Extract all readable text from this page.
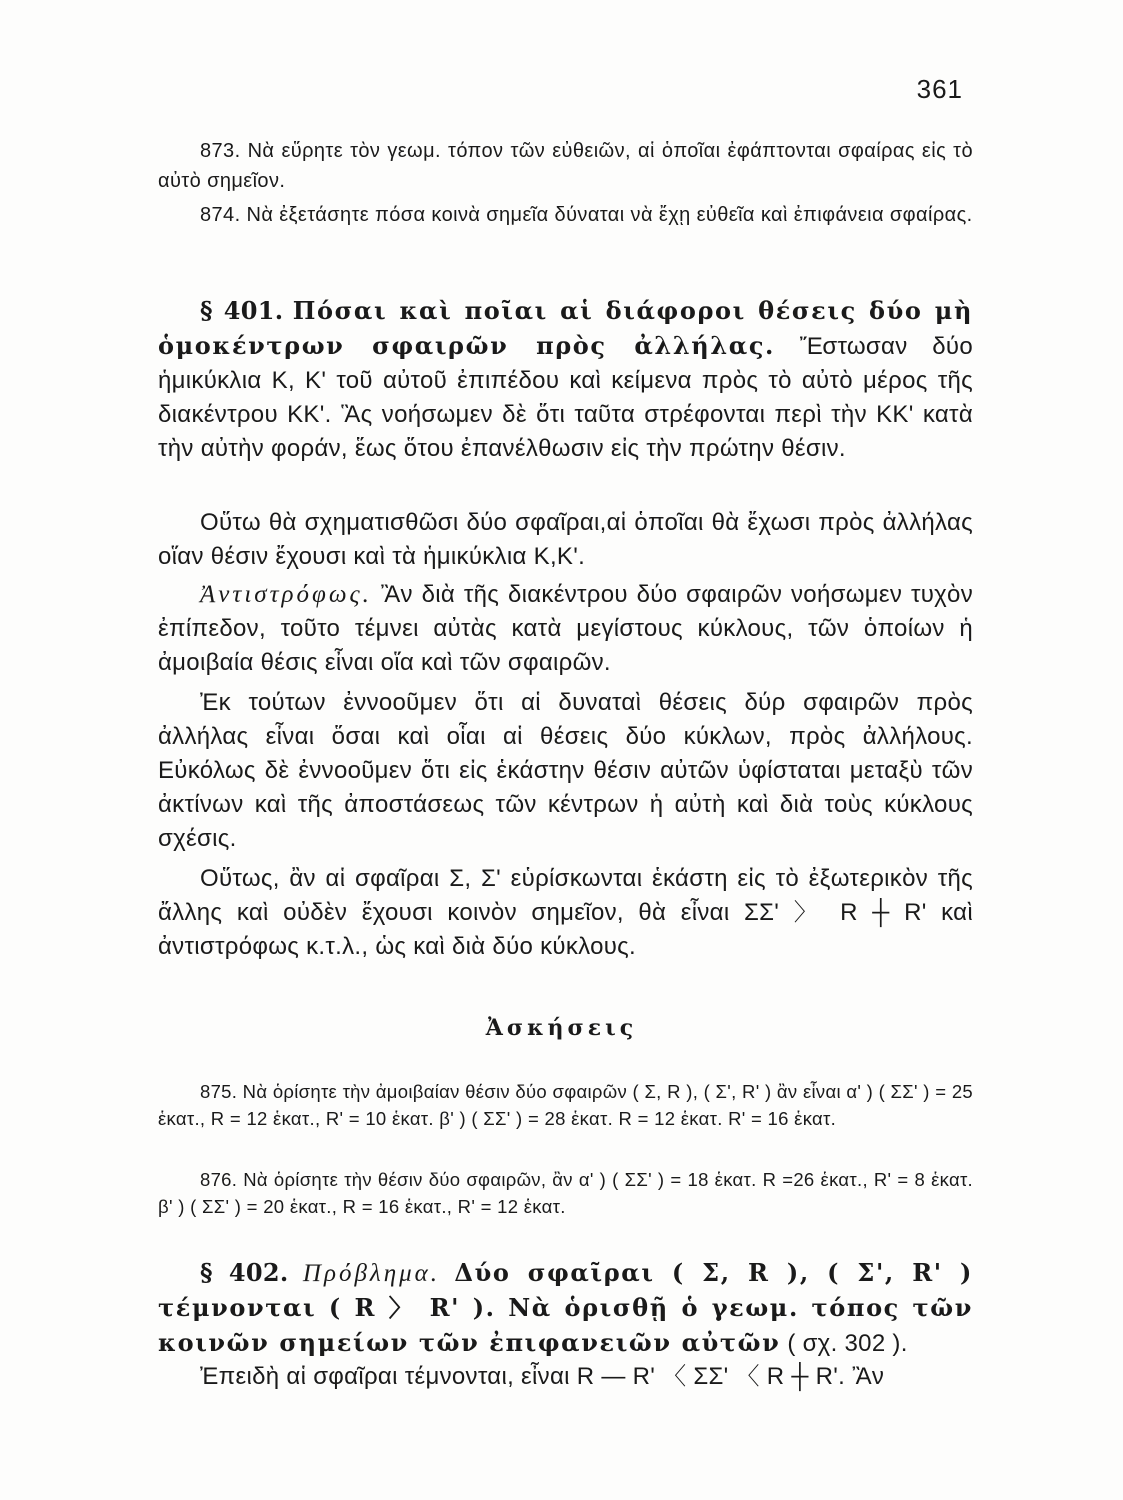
361

873. Νὰ εὕρητε τὸν γεωμ. τόπον τῶν εὐθειῶν, αἱ ὁποῖαι ἐφάπτονται σφαίρας εἰς τὸ αὐτὸ σημεῖον.

874. Νὰ ἐξετάσητε πόσα κοινὰ σημεῖα δύναται νὰ ἔχῃ εὐθεῖα καὶ ἐπιφάνεια σφαίρας.

§ 401. Πόσαι καὶ ποῖαι αἱ διάφοροι θέσεις δύο μὴ ὁμοκέντρων σφαιρῶν πρὸς ἀλλήλας. Ἔστωσαν δύο ἡμικύκλια Κ, Κ' τοῦ αὐτοῦ ἐπιπέδου καὶ κείμενα πρὸς τὸ αὐτὸ μέρος τῆς διακέντρου ΚΚ'. Ἃς νοήσωμεν δὲ ὅτι ταῦτα στρέφονται περὶ τὴν ΚΚ' κατὰ τὴν αὐτὴν φοράν, ἕως ὅτου ἐπανέλθωσιν εἰς τὴν πρώτην θέσιν.

Οὕτω θὰ σχηματισθῶσι δύο σφαῖραι,αἱ ὁποῖαι θὰ ἔχωσι πρὸς ἀλλήλας οἵαν θέσιν ἔχουσι καὶ τὰ ἡμικύκλια Κ,Κ'.

Ἀντιστρόφως. Ἂν διὰ τῆς διακέντρου δύο σφαιρῶν νοήσωμεν τυχὸν ἐπίπεδον, τοῦτο τέμνει αὐτὰς κατὰ μεγίστους κύκλους, τῶν ὁποίων ἡ ἀμοιβαία θέσις εἶναι οἵα καὶ τῶν σφαιρῶν.

Ἐκ τούτων ἐννοοῦμεν ὅτι αἱ δυναταὶ θέσεις δύρ σφαιρῶν πρὸς ἀλλήλας εἶναι ὅσαι καὶ οἷαι αἱ θέσεις δύο κύκλων, πρὸς ἀλλήλους. Εὐκόλως δὲ ἐννοοῦμεν ὅτι εἰς ἑκάστην θέσιν αὐτῶν ὑφίσταται μεταξὺ τῶν ἀκτίνων καὶ τῆς ἀποστάσεως τῶν κέντρων ἡ αὐτὴ καὶ διὰ τοὺς κύκλους σχέσις.

Οὕτως, ἂν αἱ σφαῖραι Σ, Σ' εὑρίσκωνται ἑκάστη εἰς τὸ ἐξωτερικὸν τῆς ἄλλης καὶ οὐδὲν ἔχουσι κοινὸν σημεῖον, θὰ εἶναι ΣΣ' 〉 R ┼ R' καὶ ἀντιστρόφως κ.τ.λ., ὡς καὶ διὰ δύο κύκλους.

Ἀσκήσεις

875. Νὰ ὁρίσητε τὴν ἀμοιβαίαν θέσιν δύο σφαιρῶν ( Σ, R ), ( Σ', R' ) ἂν εἶναι α' ) ( ΣΣ' ) = 25 ἑκατ., R = 12 ἑκατ., R' = 10 ἑκατ. β' ) ( ΣΣ' ) = 28 ἑκατ. R = 12 ἑκατ. R' = 16 ἑκατ.

876. Νὰ ὁρίσητε τὴν θέσιν δύο σφαιρῶν, ἂν α' ) ( ΣΣ' ) = 18 ἑκατ. R =26 ἑκατ., R' = 8 ἑκατ. β' ) ( ΣΣ' ) = 20 ἑκατ., R = 16 ἑκατ., R' = 12 ἑκατ.

§ 402. Πρόβλημα. Δύο σφαῖραι ( Σ, R ), ( Σ', R' ) τέμνονται ( R 〉 R' ). Νὰ ὁρισθῇ ὁ γεωμ. τόπος τῶν κοινῶν σημείων τῶν ἐπιφανειῶν αὐτῶν ( σχ. 302 ).

Ἐπειδὴ αἱ σφαῖραι τέμνονται, εἶναι R — R' 〈 ΣΣ' 〈 R ┼ R'. Ἂν
